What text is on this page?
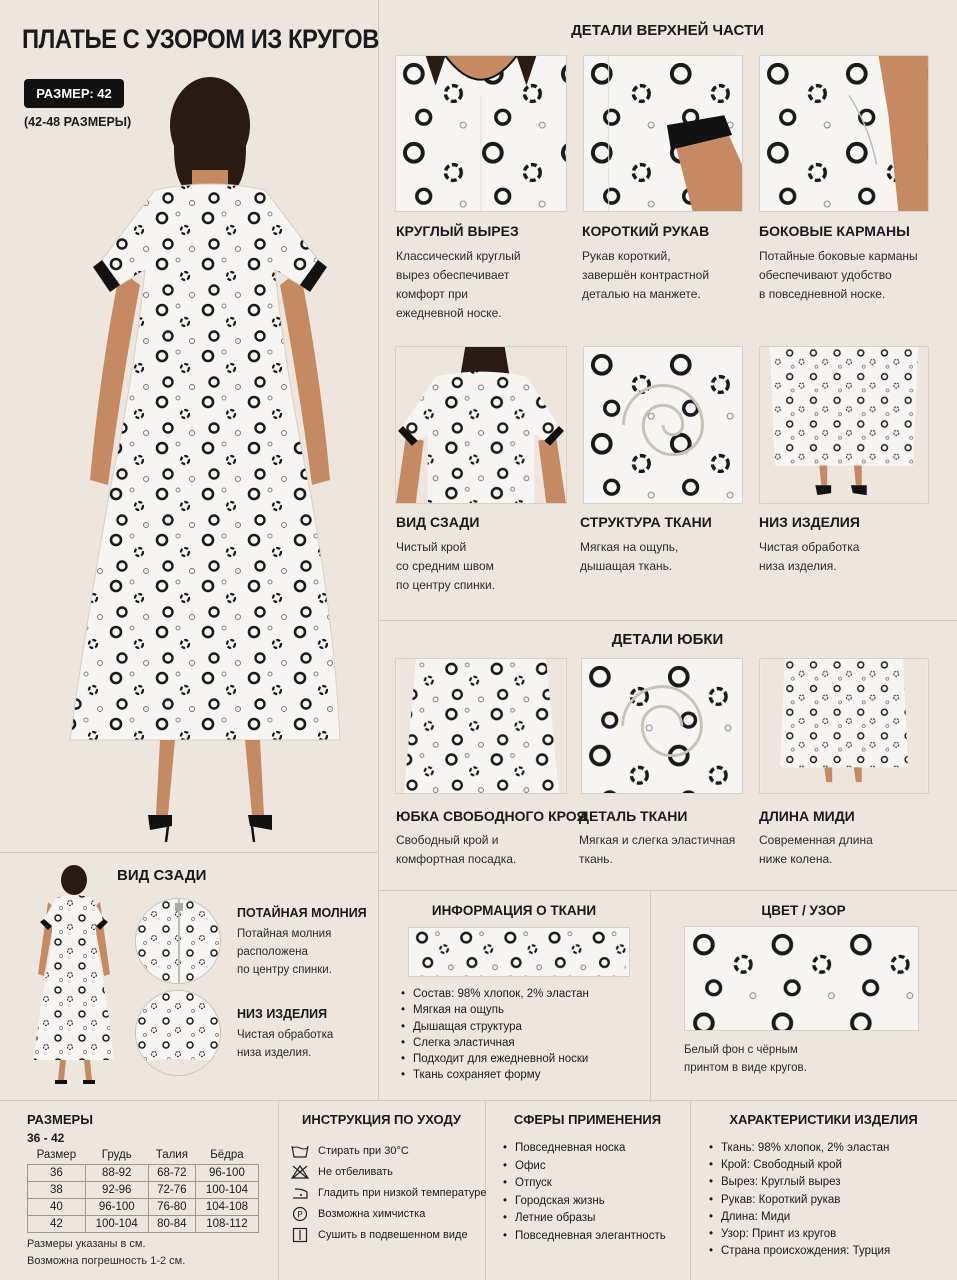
ПЛАТЬЕ С УЗОРОМ ИЗ КРУГОВ
РАЗМЕР: 42
(42-48 РАЗМЕРЫ)
ДЕТАЛИ ВЕРХНЕЙ ЧАСТИ
КРУГЛЫЙ ВЫРЕЗ
Классический круглый
вырез обеспечивает
комфорт при
ежедневной носке.
КОРОТКИЙ РУКАВ
Рукав короткий,
завершён контрастной
деталью на манжете.
БОКОВЫЕ КАРМАНЫ
Потайные боковые карманы
обеспечивают удобство
в повседневной носке.
ВИД СЗАДИ
Чистый крой
со средним швом
по центру спинки.
СТРУКТУРА ТКАНИ
Мягкая на ощупь,
дышащая ткань.
НИЗ ИЗДЕЛИЯ
Чистая обработка
низа изделия.
ДЕТАЛИ ЮБКИ
ЮБКА СВОБОДНОГО КРОЯ
Свободный крой и
комфортная посадка.
ДЕТАЛЬ ТКАНИ
Мягкая и слегка эластичная
ткань.
ДЛИНА МИДИ
Современная длина
ниже колена.
ВИД СЗАДИ
ПОТАЙНАЯ МОЛНИЯ
Потайная молния
расположена
по центру спинки.
НИЗ ИЗДЕЛИЯ
Чистая обработка
низа изделия.
ИНФОРМАЦИЯ О ТКАНИ
• Состав: 98% хлопок, 2% эластан
• Мягкая на ощупь
• Дышащая структура
• Слегка эластичная
• Подходит для ежедневной носки
• Ткань сохраняет форму
ЦВЕТ / УЗОР
Белый фон с чёрным
принтом в виде кругов.
РАЗМЕРЫ
36 - 42
Размер	Грудь	Талия	Бёдра
36	88-92	68-72	96-100
38	92-96	72-76	100-104
40	96-100	76-80	104-108
42	100-104	80-84	108-112
Размеры указаны в см.
Возможна погрешность 1-2 см.
ИНСТРУКЦИЯ ПО УХОДУ
Стирать при 30°C
Не отбеливать
Гладить при низкой температуре
P Возможна химчистка
Сушить в подвешенном виде
СФЕРЫ ПРИМЕНЕНИЯ
• Повседневная носка
• Офис
• Отпуск
• Городская жизнь
• Летние образы
• Повседневная элегантность
ХАРАКТЕРИСТИКИ ИЗДЕЛИЯ
• Ткань: 98% хлопок, 2% эластан
• Крой: Свободный крой
• Вырез: Круглый вырез
• Рукав: Короткий рукав
• Длина: Миди
• Узор: Принт из кругов
• Страна происхождения: Турция
